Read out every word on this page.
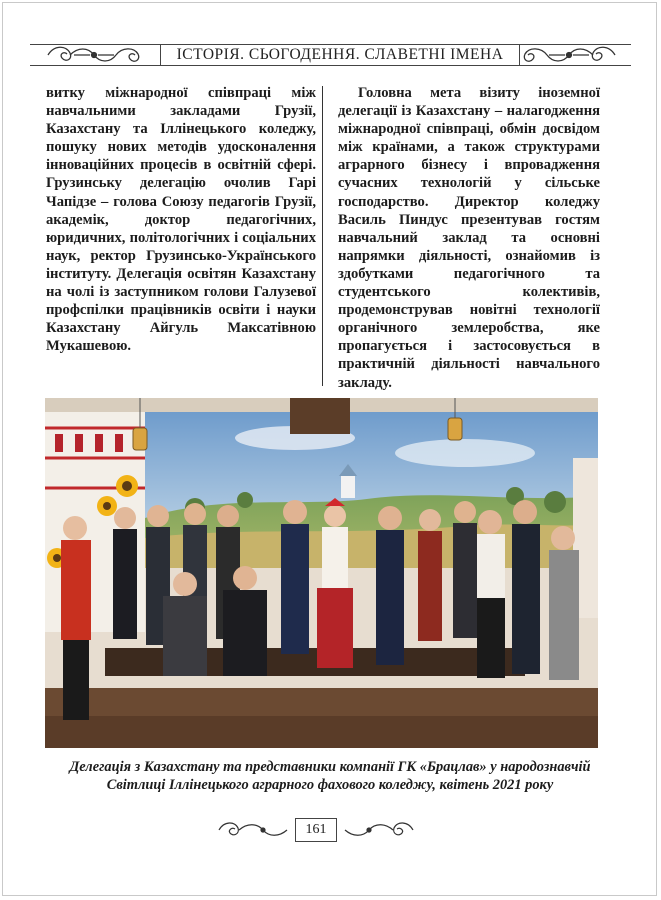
ІСТОРІЯ. СЬОГОДЕННЯ. СЛАВЕТНІ ІМЕНА
витку міжнародної співпраці між навчальними закладами Грузії, Казахстану та Іллінецького коледжу, пошуку нових методів удосконалення інноваційних процесів в освітній сфері. Грузинську делегацію очолив Гарі Чапідзе – голова Союзу педагогів Грузії, академік, доктор педагогічних, юридичних, політологічних і соціальних наук, ректор Грузинсько-Українського інституту. Делегація освітян Казахстану на чолі із заступником голови Галузевої профспілки працівників освіти і науки Казахстану Айгуль Максатівною Мукашевою.
Головна мета візиту іноземної делегації із Казахстану – налагодження міжнародної співпраці, обмін досвідом між країнами, а також структурами аграрного бізнесу і впровадження сучасних технологій у сільське господарство. Директор коледжу Василь Пиндус презентував гостям навчальний заклад та основні напрямки діяльності, ознайомив із здобутками педагогічного та студентського колективів, продемонстрував новітні технології органічного землеробства, яке пропагується і застосовується в практичній діяльності навчального закладу.
Делегація з Казахстану та представники компанії ГК «Брацлав» у народознавчій
Світлиці Іллінецького аграрного фахового коледжу, квітень 2021 року
161
